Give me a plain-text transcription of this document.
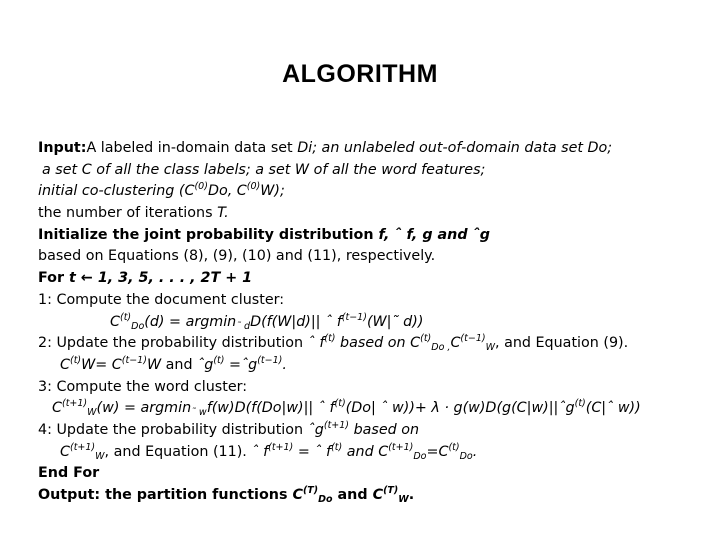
ALGORITHM
Input:A labeled in-domain data set Di; an unlabeled out-of-domain data set Do;
a set C of all the class labels; a set W of all the word features;
initial co-clustering ($C^{(0)}Do$, $C^{(0)}W$);
the number of iterations T.
Initialize the joint probability distribution f, ˆ f, g and ˆg
based on Equations (8), (9), (10) and (11), respectively.
For t ← 1, 3, 5, . . . , 2T + 1
1: Compute the document cluster:
$C^{(t)}_{Do}(d) = argmin_{˜ d}D(f(W|d)||$ ˆ $f^{(t-1)}(W|˜$ d))
2: Update the probability distribution ˆ $f^{(t)}$ based on $C^{(t)}_{Do}$ $_,C^{(t-1)}_W$, and Equation (9).
$C^{(t)}W= C^{(t-1)}W$ and ˆg$^{(t)}$ =ˆg$^{(t-1)}$.
3: Compute the word cluster:
$C^{(t+1)}_W(w) = argmin_{˜ w}f(w)D(f(Do|w)||$ ˆ $f^{(t)}(Do|$ ˆ w))+ λ · g(w)D(g(C|w)||ˆg$^{(t)}$(C|ˆ w))
4: Update the probability distribution ˆg$^{(t+1)}$ based on
$C^{(t+1)}_W$, and Equation (11). ˆ $f^{(t+1)}$ = ˆ $f^{(t)}$ and $C^{(t+1)}_{Do}=C^{(t)}_{Do}$.
End For
Output: the partition functions $C^{(T)}_{Do}$ and $C^{(T)}_W$.
